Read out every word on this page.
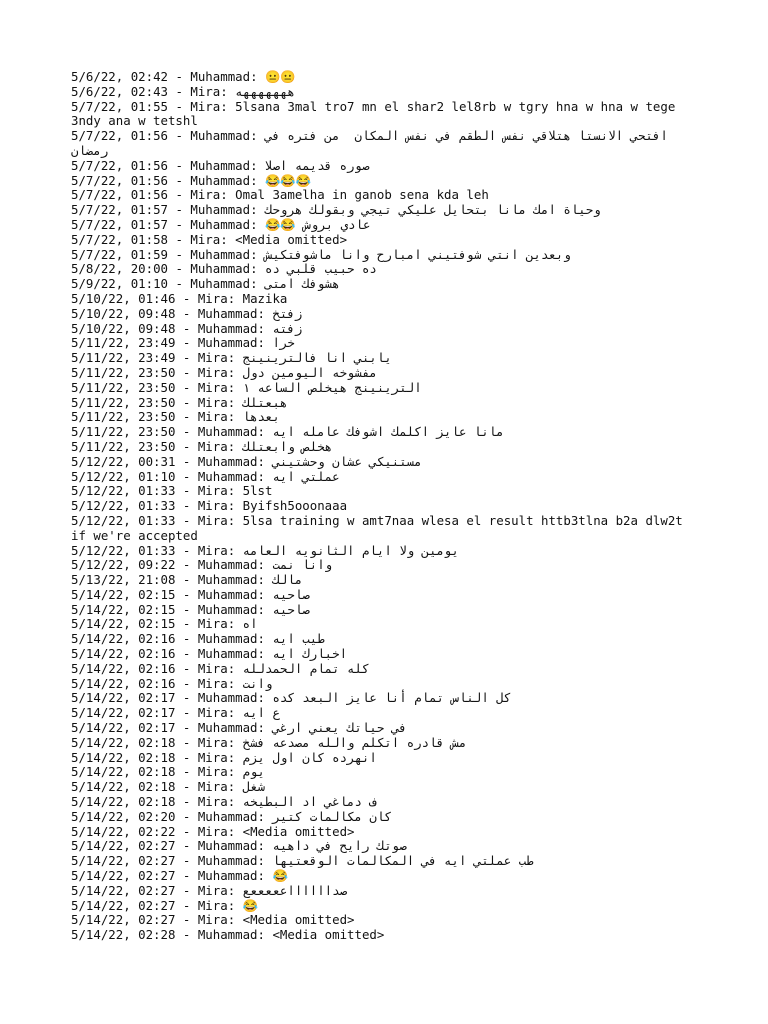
5/6/22, 02:42 - Muhammad: 😐😐
5/6/22, 02:43 - Mira: هههههههه
5/7/22, 01:55 - Mira: 5lsana 3mal tro7 mn el shar2 lel8rb w tgry hna w hna w tege 3ndy ana w tetshl
5/7/22, 01:56 - Muhammad: افتحي الانستا هتلاقي نفس الطقم في نفس المكان  من فتره في رمضان
5/7/22, 01:56 - Muhammad: صوره قديمه اصلا
5/7/22, 01:56 - Muhammad: 😂😂😂
5/7/22, 01:56 - Mira: Omal 3amelha in ganob sena kda leh
5/7/22, 01:57 - Muhammad: وحياة امك مانا بتحايل عليكي تيجي وبقولك هروحك
5/7/22, 01:57 - Muhammad: عادي بروش 😂😂
5/7/22, 01:58 - Mira: <Media omitted>
5/7/22, 01:59 - Muhammad: وبعدين انتي شوفتيني امبارح وانا ماشوفتكيش
5/8/22, 20:00 - Muhammad: ده حبيب قلبي ده
5/9/22, 01:10 - Muhammad: هشوفك امتى
5/10/22, 01:46 - Mira: Mazika
5/10/22, 09:48 - Muhammad: زفتخ
5/10/22, 09:48 - Muhammad: زفته
5/11/22, 23:49 - Muhammad: خرا
5/11/22, 23:49 - Mira: يابني انا فالترينينج
5/11/22, 23:50 - Mira: مفشوخه اليومين دول
5/11/22, 23:50 - Mira: الترينينج هيخلص الساعه ١
5/11/22, 23:50 - Mira: هبعتلك
5/11/22, 23:50 - Mira: بعدها
5/11/22, 23:50 - Muhammad: مانا عايز اكلمك اشوفك عامله ايه
5/11/22, 23:50 - Mira: هخلص وابعتلك
5/12/22, 00:31 - Muhammad: مستنيكي عشان وحشتيني
5/12/22, 01:10 - Muhammad: عملتي ايه
5/12/22, 01:33 - Mira: 5lst
5/12/22, 01:33 - Mira: Byifsh5ooonaaa
5/12/22, 01:33 - Mira: 5lsa training w amt7naa wlesa el result httb3tlna b2a dlw2t if we're accepted
5/12/22, 01:33 - Mira: يومين ولا ايام الثانويه العامه
5/12/22, 09:22 - Muhammad: وانا نمت
5/13/22, 21:08 - Muhammad: مالك
5/14/22, 02:15 - Muhammad: صاحيه
5/14/22, 02:15 - Muhammad: صاحيه
5/14/22, 02:15 - Mira: اه
5/14/22, 02:16 - Muhammad: طيب ايه
5/14/22, 02:16 - Muhammad: اخبارك ايه
5/14/22, 02:16 - Mira: كله تمام الحمدلله
5/14/22, 02:16 - Mira: وانت
5/14/22, 02:17 - Muhammad: كل الناس تمام أنا عايز البعد كده
5/14/22, 02:17 - Mira: ع ايه
5/14/22, 02:17 - Muhammad: في حياتك يعني ارغي
5/14/22, 02:18 - Mira: مش قادره اتكلم والله مصدعه فشخ
5/14/22, 02:18 - Mira: انهرده كان اول يزم
5/14/22, 02:18 - Mira: يوم
5/14/22, 02:18 - Mira: شغل
5/14/22, 02:18 - Mira: ف دماغي اد البطيخه
5/14/22, 02:20 - Muhammad: كان مكالمات كتير
5/14/22, 02:22 - Mira: <Media omitted>
5/14/22, 02:27 - Muhammad: صوتك رايح في داهيه
5/14/22, 02:27 - Muhammad: طب عملتي ايه في المكالمات الوقعتيها
5/14/22, 02:27 - Muhammad: 😂
5/14/22, 02:27 - Mira: صدااااااعععععع
5/14/22, 02:27 - Mira: 😂
5/14/22, 02:27 - Mira: <Media omitted>
5/14/22, 02:28 - Muhammad: <Media omitted>
